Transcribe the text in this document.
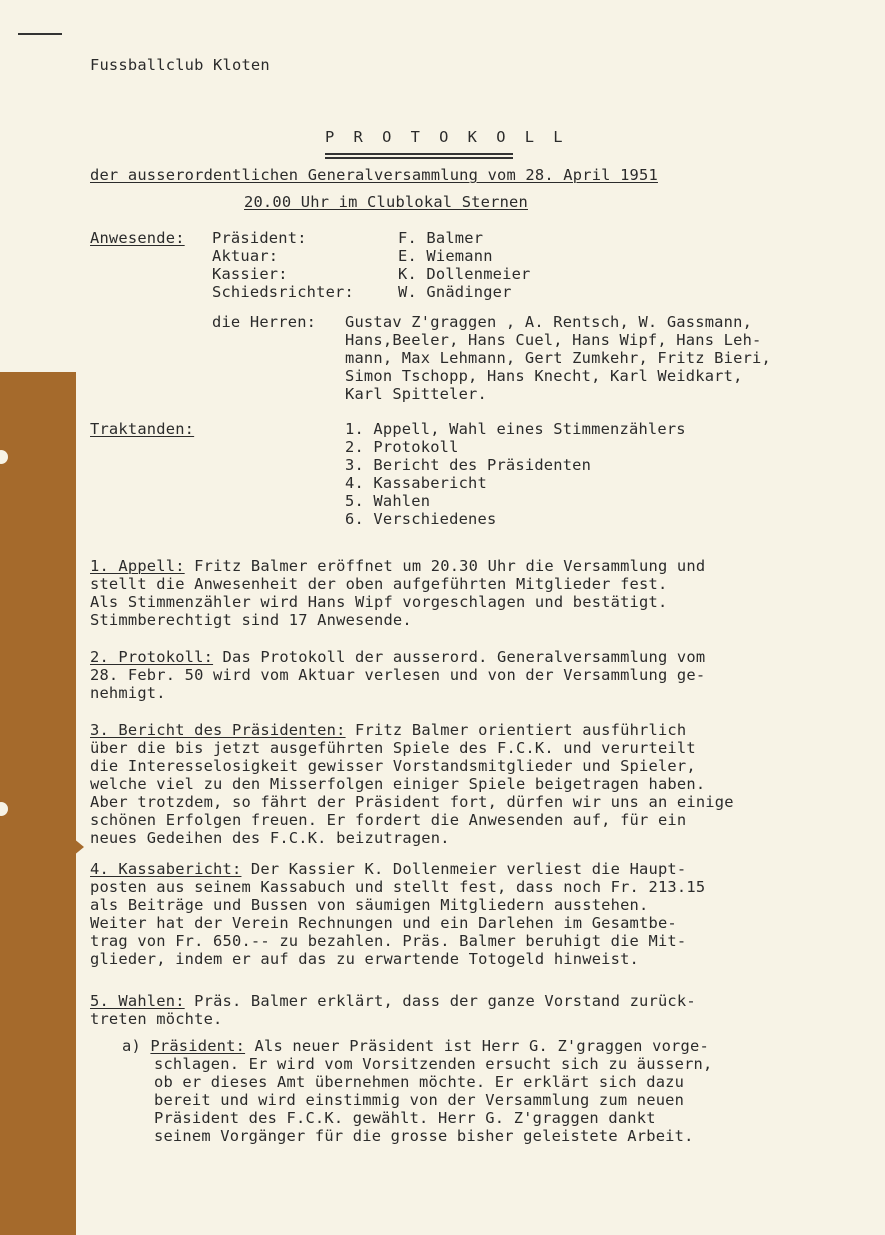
Fussballclub Kloten
P R O T O K O L L
der ausserordentlichen Generalversammlung vom 28. April 1951
20.00 Uhr im Clublokal Sternen
Anwesende: Präsident:	F. Balmer
Aktuar:	E. Wiemann
Kassier:	K. Dollenmeier
Schiedsrichter:	W. Gnädinger
die Herren: Gustav Z'graggen , A. Rentsch, W. Gassmann,
Hans,Beeler, Hans Cuel, Hans Wipf, Hans Leh-
mann, Max Lehmann, Gert Zumkehr, Fritz Bieri,
Simon Tschopp, Hans Knecht, Karl Weidkart,
Karl Spitteler.
Traktanden:	1. Appell, Wahl eines Stimmenzählers
2. Protokoll
3. Bericht des Präsidenten
4. Kassabericht
5. Wahlen
6. Verschiedenes
1. Appell: Fritz Balmer eröffnet um 20.30 Uhr die Versammlung und
stellt die Anwesenheit der oben aufgeführten Mitglieder fest.
Als Stimmenzähler wird Hans Wipf vorgeschlagen und bestätigt.
Stimmberechtigt sind 17 Anwesende.
2. Protokoll: Das Protokoll der ausserord. Generalversammlung vom
28. Febr. 50 wird vom Aktuar verlesen und von der Versammlung ge-
nehmigt.
3. Bericht des Präsidenten: Fritz Balmer orientiert ausführlich
über die bis jetzt ausgeführten Spiele des F.C.K. und verurteilt
die Interesselosigkeit gewisser Vorstandsmitglieder und Spieler,
welche viel zu den Misserfolgen einiger Spiele beigetragen haben.
Aber trotzdem, so fährt der Präsident fort, dürfen wir uns an einige
schönen Erfolgen freuen. Er fordert die Anwesenden auf, für ein
neues Gedeihen des F.C.K. beizutragen.
4. Kassabericht: Der Kassier K. Dollenmeier verliest die Haupt-
posten aus seinem Kassabuch und stellt fest, dass noch Fr. 213.15
als Beiträge und Bussen von säumigen Mitgliedern ausstehen.
Weiter hat der Verein Rechnungen und ein Darlehen im Gesamtbe-
trag von Fr. 650.-- zu bezahlen. Präs. Balmer beruhigt die Mit-
glieder, indem er auf das zu erwartende Totogeld hinweist.
5. Wahlen: Präs. Balmer erklärt, dass der ganze Vorstand zurück-
treten möchte.
a) Präsident: Als neuer Präsident ist Herr G. Z'graggen vorge-
schlagen. Er wird vom Vorsitzenden ersucht sich zu äussern,
ob er dieses Amt übernehmen möchte. Er erklärt sich dazu
bereit und wird einstimmig von der Versammlung zum neuen
Präsident des F.C.K. gewählt. Herr G. Z'graggen dankt
seinem Vorgänger für die grosse bisher geleistete Arbeit.
